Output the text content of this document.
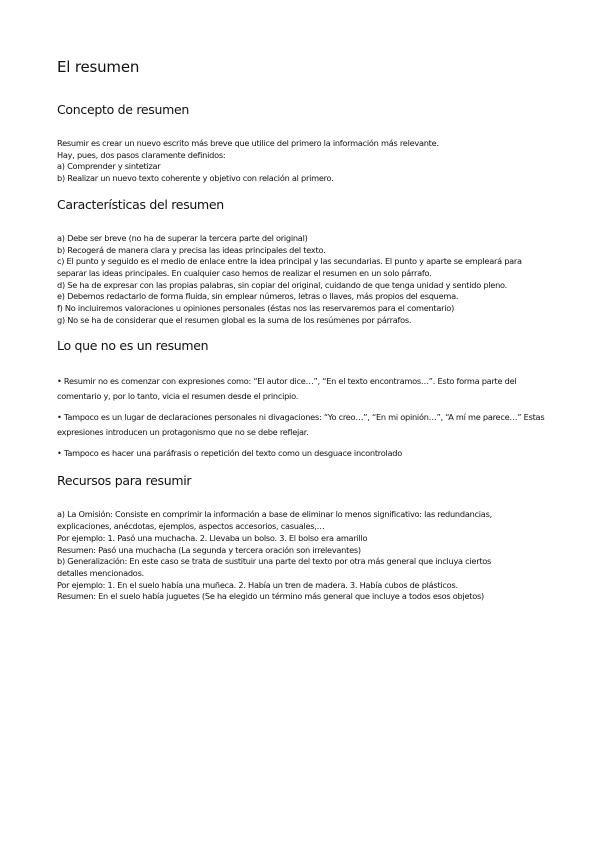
El resumen
Concepto de resumen
Resumir es crear un nuevo escrito más breve que utilice del primero la información más relevante.
Hay, pues, dos pasos claramente definidos:
a) Comprender y sintetizar
b) Realizar un nuevo texto coherente y objetivo con relación al primero.
Características del resumen
a) Debe ser breve (no ha de superar la tercera parte del original)
b) Recogerá de manera clara y precisa las ideas principales del texto.
c) El punto y seguido es el medio de enlace entre la idea principal y las secundarias. El punto y aparte se empleará para
separar las ideas principales. En cualquier caso hemos de realizar el resumen en un solo párrafo.
d) Se ha de expresar con las propias palabras, sin copiar del original, cuidando de que tenga unidad y sentido pleno.
e) Debemos redactarlo de forma fluida, sin emplear números, letras o llaves, más propios del esquema.
f) No incluiremos valoraciones u opiniones personales (éstas nos las reservaremos para el comentario)
g) No se ha de considerar que el resumen global es la suma de los resúmenes por párrafos.
Lo que no es un resumen
• Resumir no es comenzar con expresiones como: “El autor dice…”, “En el texto encontramos…”. Esto forma parte del comentario y, por lo tanto, vicia el resumen desde el principio.
• Tampoco es un lugar de declaraciones personales ni divagaciones: “Yo creo…”, “En mi opinión…”, “A mí me parece…” Estas expresiones introducen un protagonismo que no se debe reflejar.
• Tampoco es hacer una paráfrasis o repetición del texto como un desguace incontrolado
Recursos para resumir
a) La Omisión: Consiste en comprimir la información a base de eliminar lo menos significativo: las redundancias,
explicaciones, anécdotas, ejemplos, aspectos accesorios, casuales,…
Por ejemplo: 1. Pasó una muchacha. 2. Llevaba un bolso. 3. El bolso era amarillo
Resumen: Pasó una muchacha (La segunda y tercera oración son irrelevantes)
b) Generalización: En este caso se trata de sustituir una parte del texto por otra más general que incluya ciertos
detalles mencionados.
Por ejemplo: 1. En el suelo había una muñeca. 2. Había un tren de madera. 3. Había cubos de plásticos.
Resumen: En el suelo había juguetes (Se ha elegido un término más general que incluye a todos esos objetos)
